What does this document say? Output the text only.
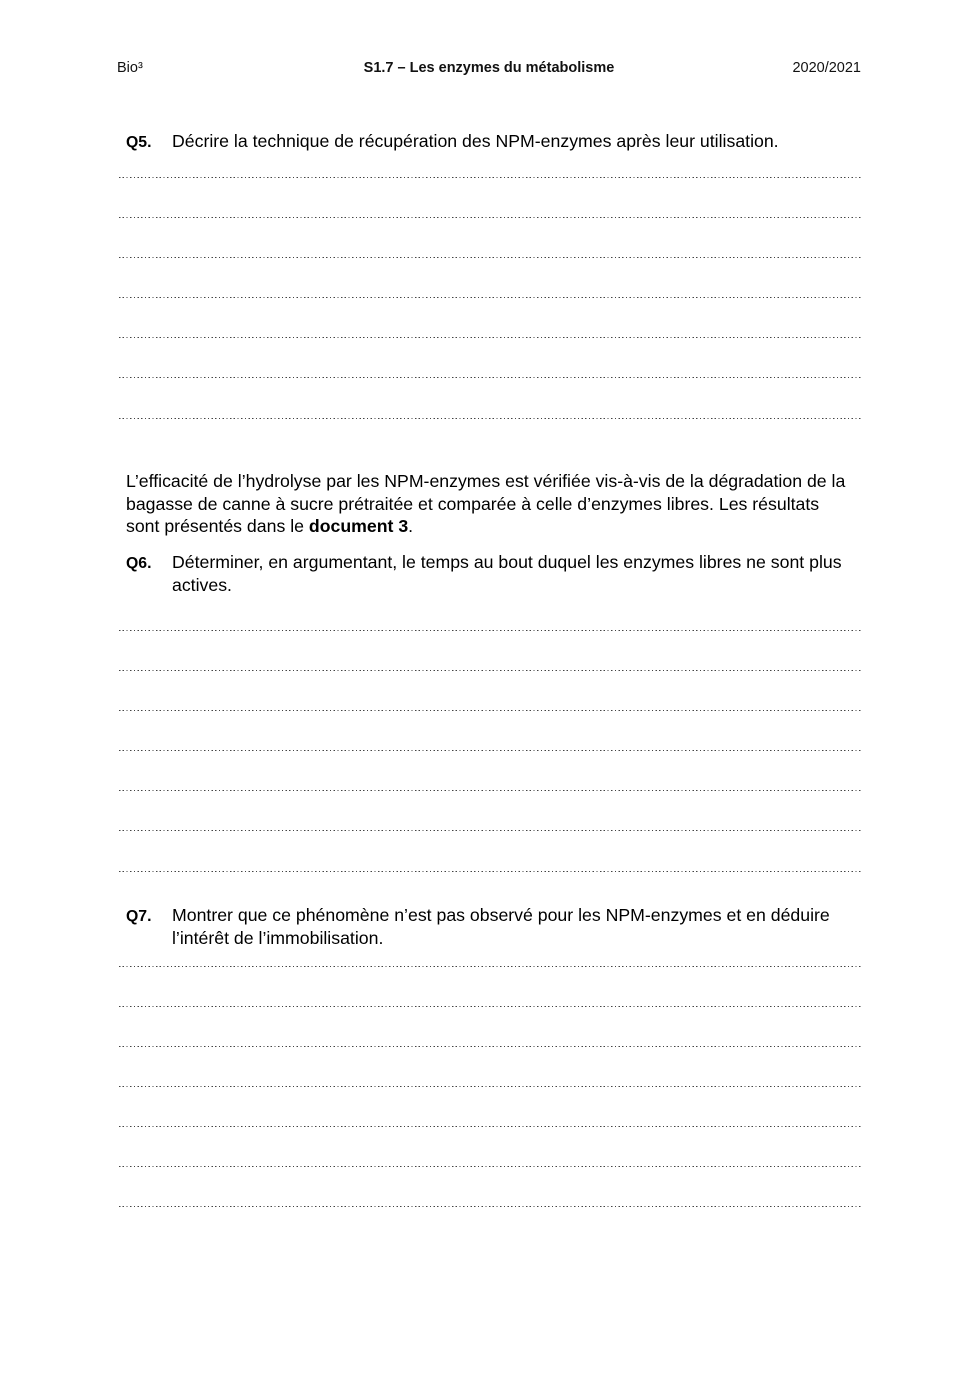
Bio³	S1.7 – Les enzymes du métabolisme	2020/2021
Q5.	Décrire la technique de récupération des NPM-enzymes après leur utilisation.
L’efficacité de l’hydrolyse par les NPM-enzymes est vérifiée vis-à-vis de la dégradation de la
bagasse de canne à sucre prétraitée et comparée à celle d’enzymes libres. Les résultats
sont présentés dans le document 3.
Q6.	Déterminer, en argumentant, le temps au bout duquel les enzymes libres ne sont plus
actives.
Q7.	Montrer que ce phénomène n’est pas observé pour les NPM-enzymes et en déduire
l’intérêt de l’immobilisation.
